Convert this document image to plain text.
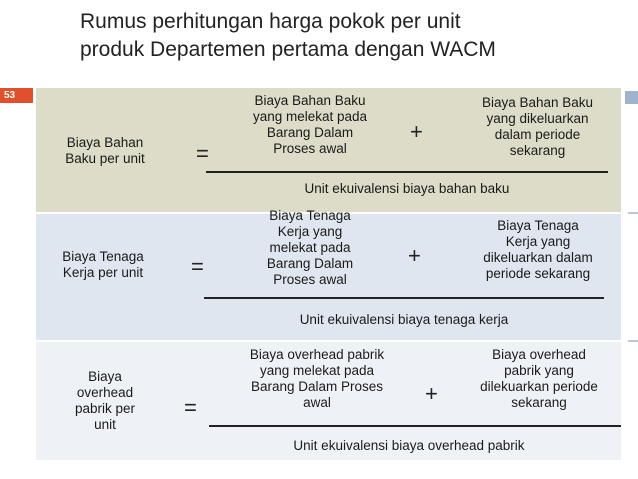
Rumus perhitungan harga pokok per unit
produk Departemen pertama dengan WACM
53
Biaya Bahan
Baku per unit	=
Biaya Bahan Baku
yang melekat pada
Barang Dalam
Proses awal
+
Biaya Bahan Baku
yang dikeluarkan
dalam periode
sekarang
Unit ekuivalensi biaya bahan baku
Biaya Tenaga
Kerja per unit	=
Biaya Tenaga
Kerja yang
melekat pada
Barang Dalam
Proses awal
+
Biaya Tenaga
Kerja yang
dikeluarkan dalam
periode sekarang
Unit ekuivalensi biaya tenaga kerja
Biaya
overhead
pabrik per
unit
=
Biaya overhead pabrik
yang melekat pada
Barang Dalam Proses
awal	+
Biaya overhead
pabrik yang
dilekuarkan periode
sekarang
Unit ekuivalensi biaya overhead pabrik
